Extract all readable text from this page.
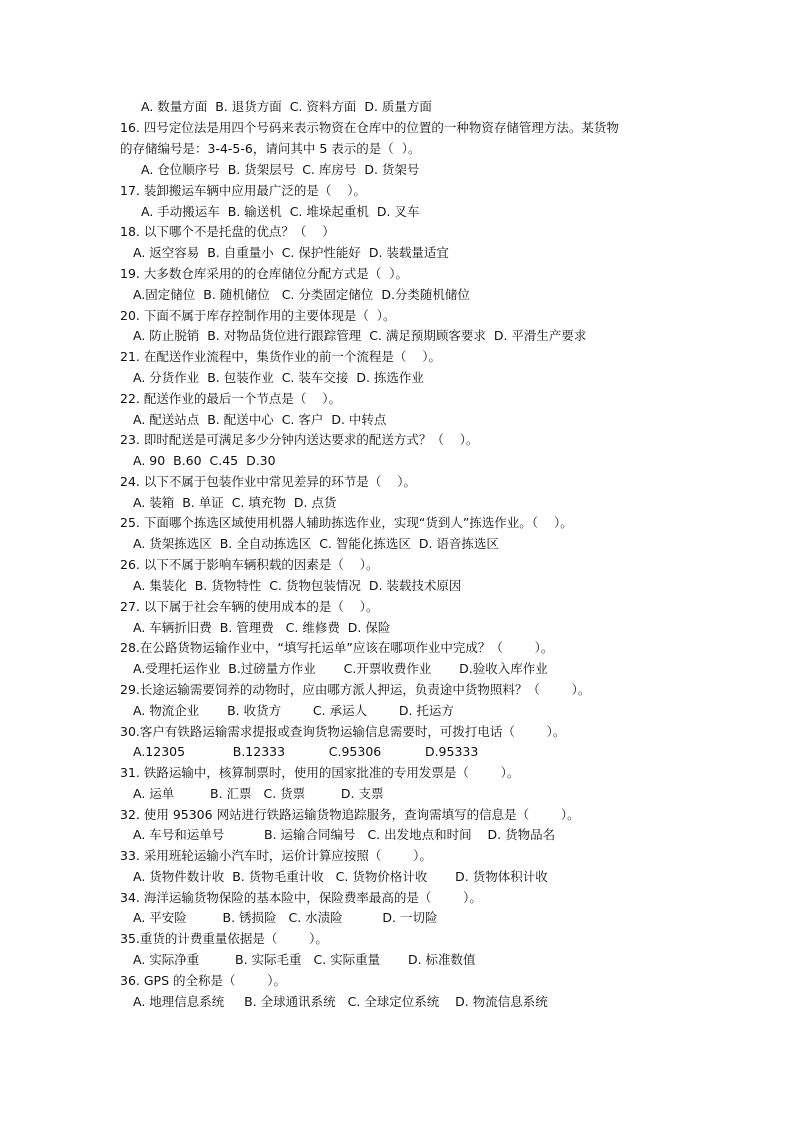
A. 数量方面  B. 退货方面  C. 资料方面  D. 质量方面
16. 四号定位法是用四个号码来表示物资在仓库中的位置的一种物资存储管理方法。某货物
的存储编号是：3-4-5-6，请问其中 5 表示的是（  ）。
A. 仓位顺序号  B. 货架层号  C. 库房号  D. 货架号
17. 装卸搬运车辆中应用最广泛的是（    ）。
A. 手动搬运车  B. 输送机  C. 堆垛起重机  D. 叉车
18. 以下哪个不是托盘的优点？（    ）
A. 返空容易  B. 自重量小  C. 保护性能好  D. 装载量适宜
19. 大多数仓库采用的的仓库储位分配方式是（  ）。
A.固定储位  B. 随机储位   C. 分类固定储位  D.分类随机储位
20. 下面不属于库存控制作用的主要体现是（  ）。
A. 防止脱销  B. 对物品货位进行跟踪管理  C. 满足预期顾客要求  D. 平滑生产要求
21. 在配送作业流程中，集货作业的前一个流程是（    ）。
A. 分货作业  B. 包装作业  C. 装车交接  D. 拣选作业
22. 配送作业的最后一个节点是（    ）。
A. 配送站点  B. 配送中心  C. 客户  D. 中转点
23. 即时配送是可满足多少分钟内送达要求的配送方式？（    ）。
A. 90  B.60  C.45  D.30
24. 以下不属于包装作业中常见差异的环节是（    ）。
A. 装箱  B. 单证  C. 填充物  D. 点货
25. 下面哪个拣选区域使用机器人辅助拣选作业，实现“货到人”拣选作业。（    ）。
A. 货架拣选区  B. 全自动拣选区  C. 智能化拣选区  D. 语音拣选区
26. 以下不属于影响车辆积载的因素是（    ）。
A. 集装化  B. 货物特性  C. 货物包装情况  D. 装载技术原因
27. 以下属于社会车辆的使用成本的是（    ）。
A. 车辆折旧费  B. 管理费   C. 维修费  D. 保险
28.在公路货物运输作业中，“填写托运单”应该在哪项作业中完成？（        ）。
A.受理托运作业  B.过磅量方作业       C.开票收费作业       D.验收入库作业
29.长途运输需要饲养的动物时，应由哪方派人押运，负责途中货物照料？（        ）。
A. 物流企业       B. 收货方        C. 承运人        D. 托运方
30.客户有铁路运输需求提报或查询货物运输信息需要时，可拨打电话（        ）。
A.12305            B.12333           C.95306           D.95333
31. 铁路运输中，核算制票时，使用的国家批准的专用发票是（        ）。
A. 运单         B. 汇票   C. 货票         D. 支票
32. 使用 95306 网站进行铁路运输货物追踪服务，查询需填写的信息是（        ）。
A. 车号和运单号          B. 运输合同编号   C. 出发地点和时间    D. 货物品名
33. 采用班轮运输小汽车时，运价计算应按照（        ）。
A. 货物件数计收  B. 货物毛重计收   C. 货物价格计收       D. 货物体积计收
34. 海洋运输货物保险的基本险中，保险费率最高的是（        ）。
A. 平安险         B. 锈损险   C. 水渍险          D. 一切险
35.重货的计费重量依据是（        ）。
A. 实际净重         B. 实际毛重   C. 实际重量       D. 标准数值
36. GPS 的全称是（        ）。
A. 地理信息系统     B. 全球通讯系统   C. 全球定位系统    D. 物流信息系统
